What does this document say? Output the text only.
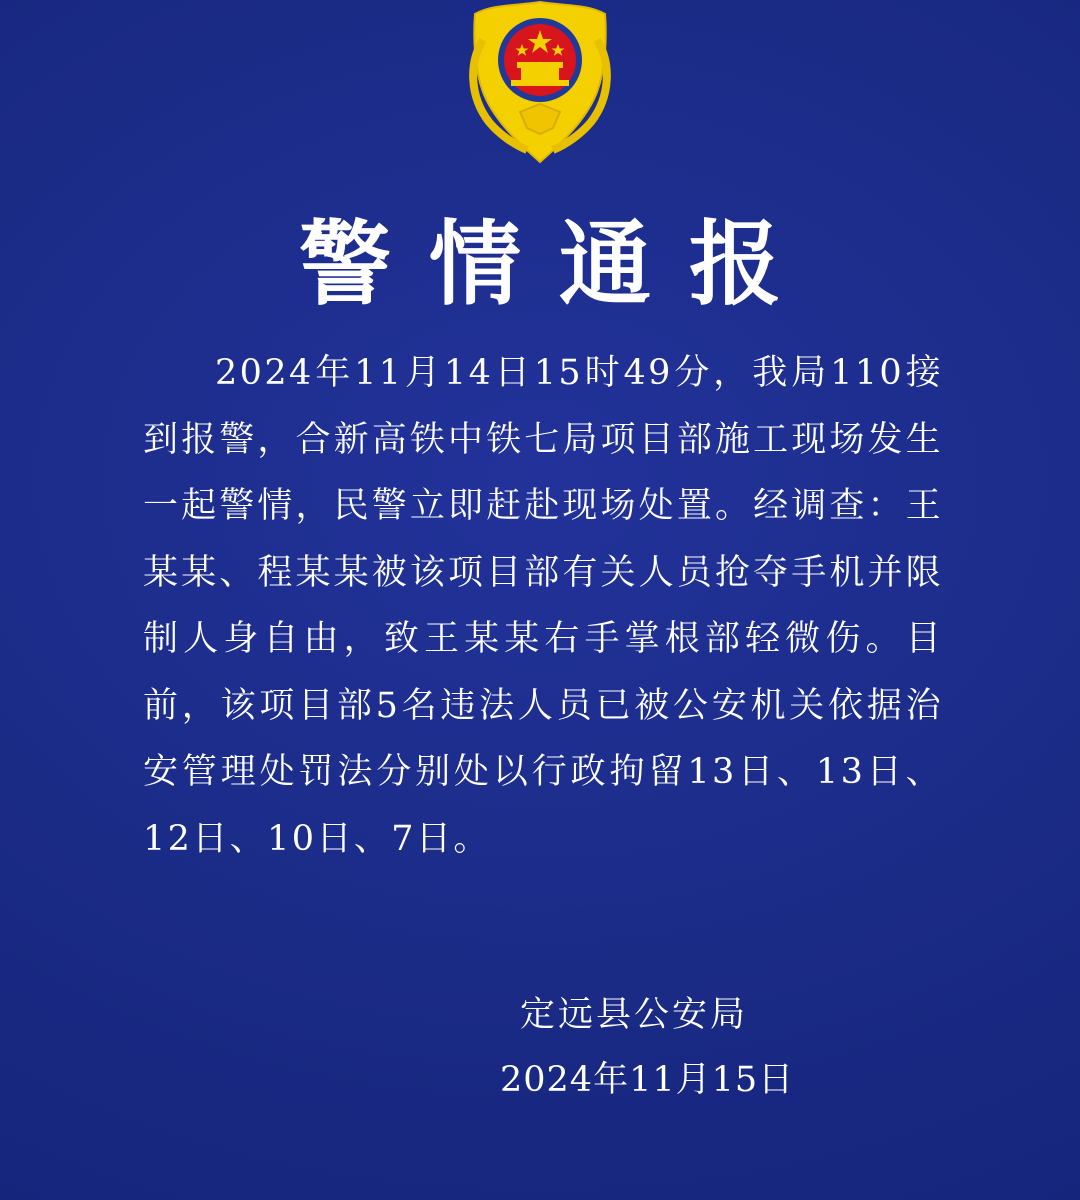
警情通报

2024年11月14日15时49分，我局110接到报警，合新高铁中铁七局项目部施工现场发生一起警情，民警立即赶赴现场处置。经调查：王某某、程某某被该项目部有关人员抢夺手机并限制人身自由，致王某某右手掌根部轻微伤。目前，该项目部5名违法人员已被公安机关依据治安管理处罚法分别处以行政拘留13日、13日、12日、10日、7日。

定远县公安局
2024年11月15日
